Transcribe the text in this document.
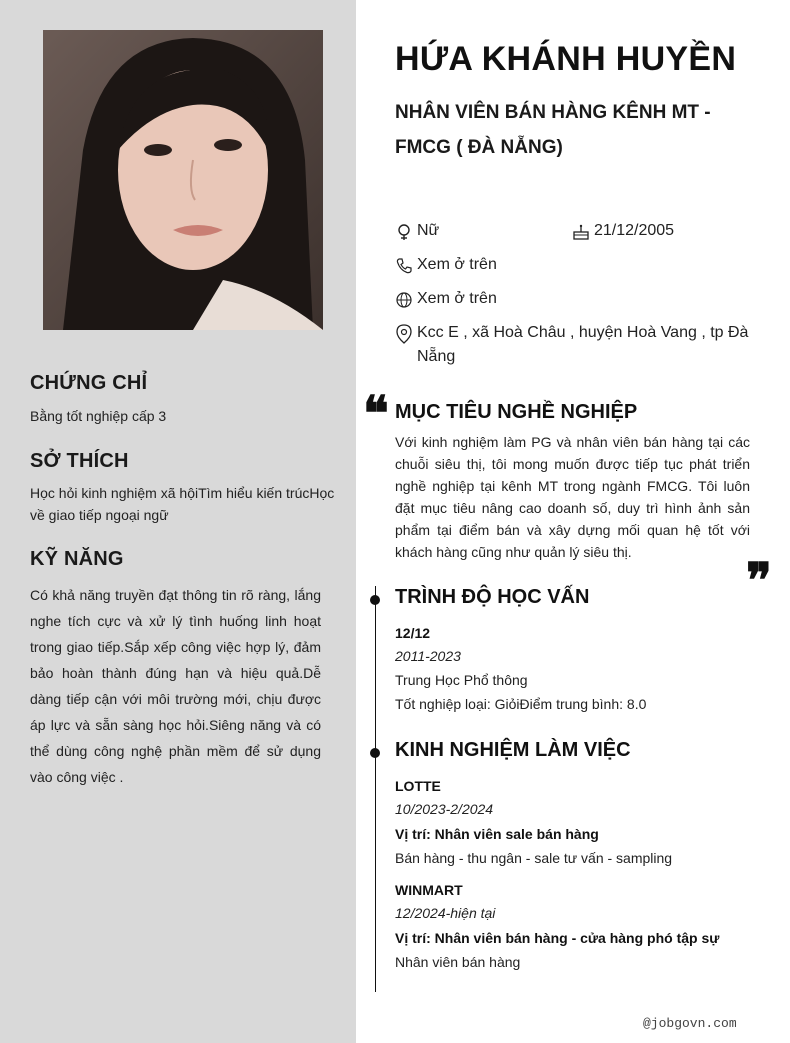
CHỨNG CHỈ
Bằng tốt nghiệp cấp 3
SỞ THÍCH
Học hỏi kinh nghiệm xã hộiTìm hiểu kiến trúcHọc về giao tiếp ngoại ngữ
KỸ NĂNG
Có khả năng truyền đạt thông tin rõ ràng, lắng nghe tích cực và xử lý tình huống linh hoạt trong giao tiếp.Sắp xếp công việc hợp lý, đảm bảo hoàn thành đúng hạn và hiệu quả.Dễ dàng tiếp cận với môi trường mới, chịu được áp lực và sẵn sàng học hỏi.Siêng năng và có thể dùng công nghệ phần mềm để sử dụng vào công việc .
HỨA KHÁNH HUYỀN
NHÂN VIÊN BÁN HÀNG KÊNH MT - FMCG ( ĐÀ NẴNG)
Nữ	21/12/2005
Xem ở trên
Xem ở trên
Kcc E , xã Hoà Châu , huyện Hoà Vang , tp Đà Nẵng
❝ MỤC TIÊU NGHỀ NGHIỆP
Với kinh nghiệm làm PG và nhân viên bán hàng tại các chuỗi siêu thị, tôi mong muốn được tiếp tục phát triển nghề nghiệp tại kênh MT trong ngành FMCG. Tôi luôn đặt mục tiêu nâng cao doanh số, duy trì hình ảnh sản phẩm tại điểm bán và xây dựng mối quan hệ tốt với khách hàng cũng như quản lý siêu thị.
❞
TRÌNH ĐỘ HỌC VẤN
12/12
2011-2023
Trung Học Phổ thông
Tốt nghiệp loại: GiỏiĐiểm trung bình: 8.0
KINH NGHIỆM LÀM VIỆC
LOTTE
10/2023-2/2024
Vị trí: Nhân viên sale bán hàng
Bán hàng - thu ngân - sale tư vấn - sampling
WINMART
12/2024-hiện tại
Vị trí: Nhân viên bán hàng - cửa hàng phó tập sự
Nhân viên bán hàng
@jobgovn.com
